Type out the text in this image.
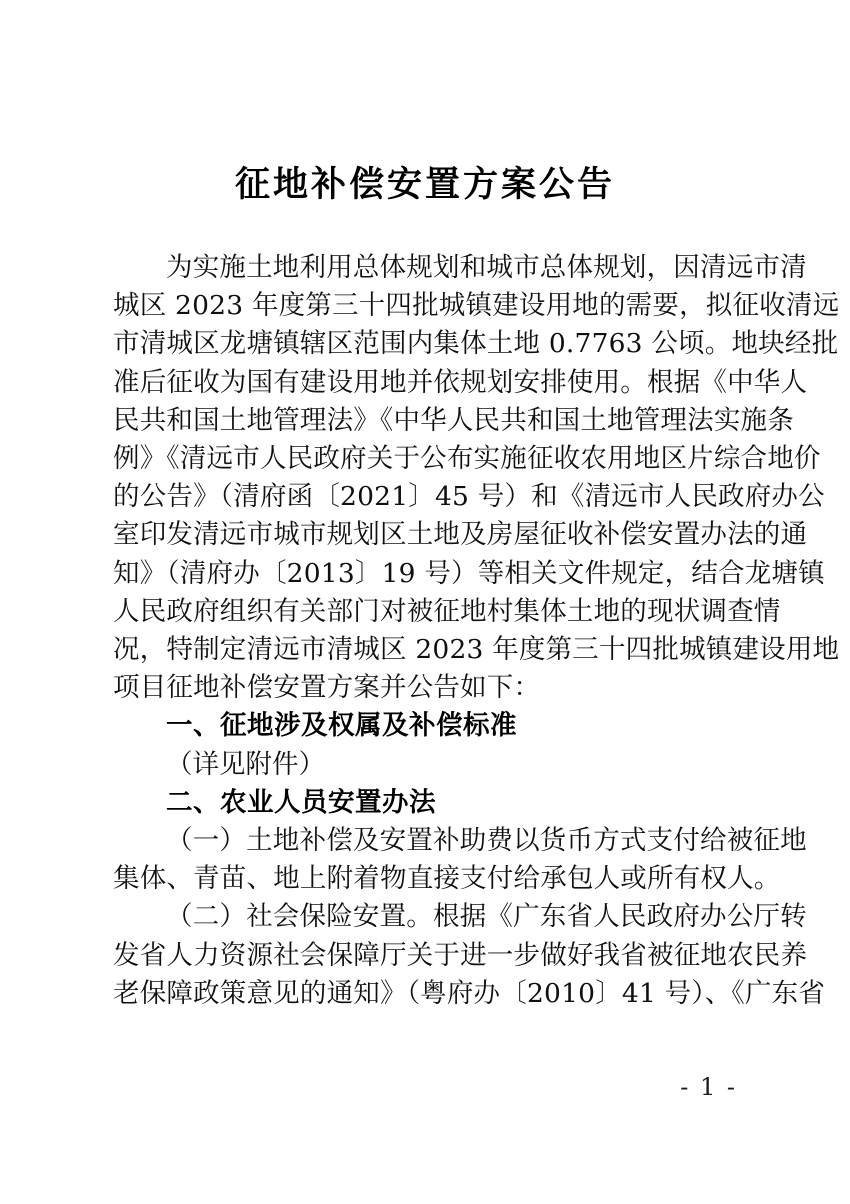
征地补偿安置方案公告

为实施土地利用总体规划和城市总体规划，因清远市清
城区 2023 年度第三十四批城镇建设用地的需要，拟征收清远
市清城区龙塘镇辖区范围内集体土地 0.7763 公顷。地块经批
准后征收为国有建设用地并依规划安排使用。根据《中华人
民共和国土地管理法》《中华人民共和国土地管理法实施条
例》《清远市人民政府关于公布实施征收农用地区片综合地价
的公告》（清府函〔2021〕45 号）和《清远市人民政府办公
室印发清远市城市规划区土地及房屋征收补偿安置办法的通
知》（清府办〔2013〕19 号）等相关文件规定，结合龙塘镇
人民政府组织有关部门对被征地村集体土地的现状调查情
况，特制定清远市清城区 2023 年度第三十四批城镇建设用地
项目征地补偿安置方案并公告如下：

一、征地涉及权属及补偿标准

（详见附件）

二、农业人员安置办法

（一）土地补偿及安置补助费以货币方式支付给被征地
集体、青苗、地上附着物直接支付给承包人或所有权人。

（二）社会保险安置。根据《广东省人民政府办公厅转
发省人力资源社会保障厅关于进一步做好我省被征地农民养
老保障政策意见的通知》（粤府办〔2010〕41 号）、《广东省

- 1 -
